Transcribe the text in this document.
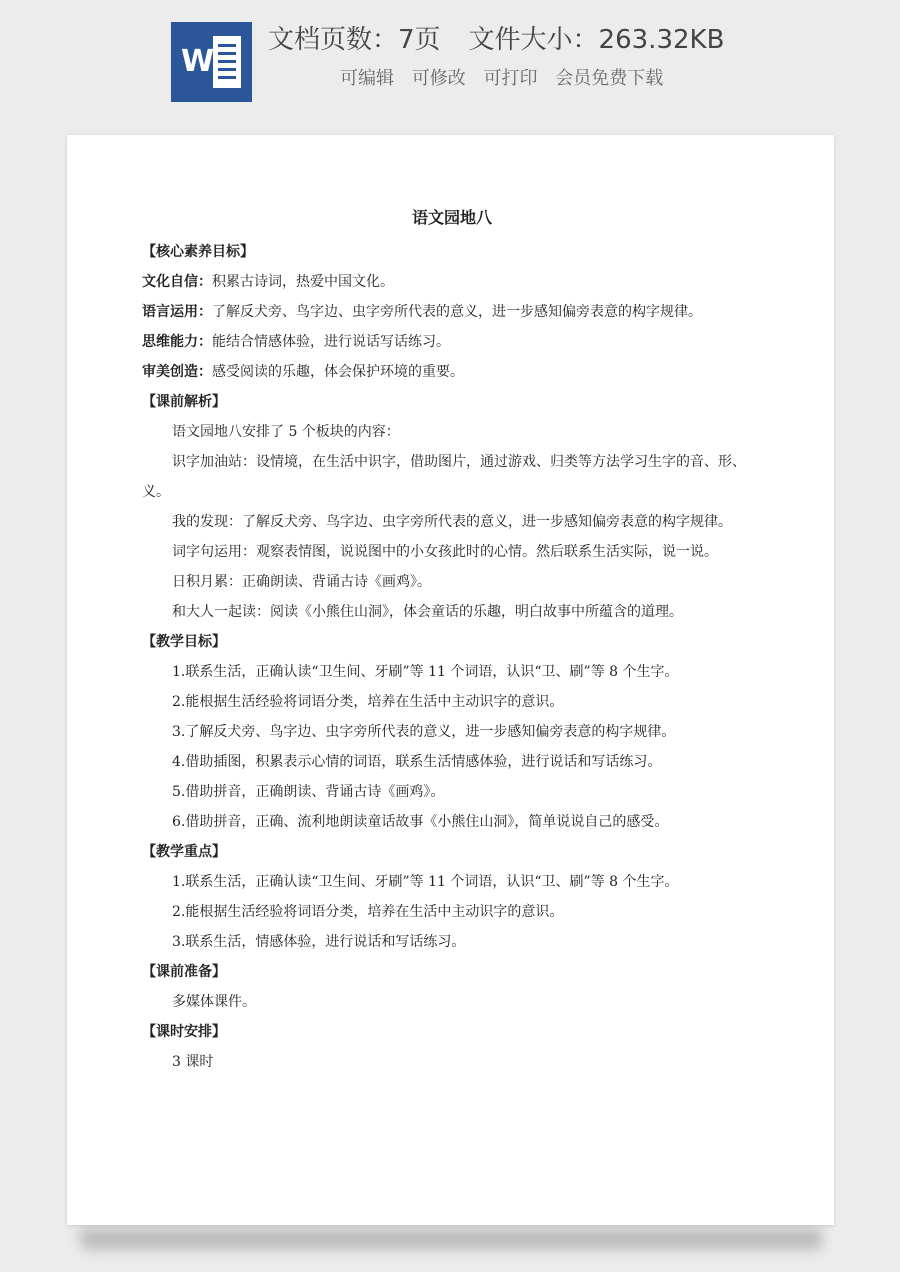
W
文档页数：7页 文件大小：263.32KB
可编辑 可修改 可打印 会员免费下载
语文园地八

【核心素养目标】

文化自信：积累古诗词，热爱中国文化。

语言运用：了解反犬旁、鸟字边、虫字旁所代表的意义，进一步感知偏旁表意的构字规律。

思维能力：能结合情感体验，进行说话写话练习。

审美创造：感受阅读的乐趣，体会保护环境的重要。

【课前解析】

语文园地八安排了 5 个板块的内容：

识字加油站：设情境，在生活中识字，借助图片，通过游戏、归类等方法学习生字的音、形、义。

我的发现：了解反犬旁、鸟字边、虫字旁所代表的意义，进一步感知偏旁表意的构字规律。

词字句运用：观察表情图，说说图中的小女孩此时的心情。然后联系生活实际，说一说。

日积月累：正确朗读、背诵古诗《画鸡》。

和大人一起读：阅读《小熊住山洞》，体会童话的乐趣，明白故事中所蕴含的道理。

【教学目标】

1.联系生活，正确认读“卫生间、牙刷”等 11 个词语，认识“卫、刷”等 8 个生字。

2.能根据生活经验将词语分类，培养在生活中主动识字的意识。

3.了解反犬旁、鸟字边、虫字旁所代表的意义，进一步感知偏旁表意的构字规律。

4.借助插图，积累表示心情的词语，联系生活情感体验，进行说话和写话练习。

5.借助拼音，正确朗读、背诵古诗《画鸡》。

6.借助拼音，正确、流利地朗读童话故事《小熊住山洞》，简单说说自己的感受。

【教学重点】

1.联系生活，正确认读“卫生间、牙刷”等 11 个词语，认识“卫、刷”等 8 个生字。

2.能根据生活经验将词语分类，培养在生活中主动识字的意识。

3.联系生活，情感体验，进行说话和写话练习。

【课前准备】

多媒体课件。

【课时安排】

3 课时
